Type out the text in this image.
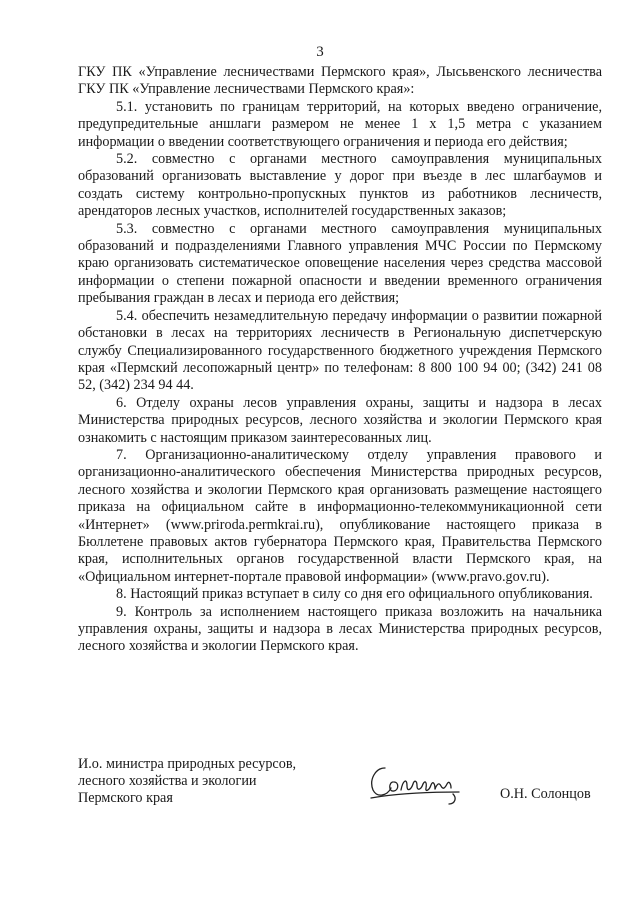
3

ГКУ ПК «Управление лесничествами Пермского края», Лысьвенского лесничества ГКУ ПК «Управление лесничествами Пермского края»:

5.1. установить по границам территорий, на которых введено ограничение, предупредительные аншлаги размером не менее 1 х 1,5 метра с указанием информации о введении соответствующего ограничения и периода его действия;

5.2. совместно с органами местного самоуправления муниципальных образований организовать выставление у дорог при въезде в лес шлагбаумов и создать систему контрольно-пропускных пунктов из работников лесничеств, арендаторов лесных участков, исполнителей государственных заказов;

5.3. совместно с органами местного самоуправления муниципальных образований и подразделениями Главного управления МЧС России по Пермскому краю организовать систематическое оповещение населения через средства массовой информации о степени пожарной опасности и введении временного ограничения пребывания граждан в лесах и периода его действия;

5.4. обеспечить незамедлительную передачу информации о развитии пожарной обстановки в лесах на территориях лесничеств в Региональную диспетчерскую службу Специализированного государственного бюджетного учреждения Пермского края «Пермский лесопожарный центр» по телефонам: 8 800 100 94 00; (342) 241 08 52, (342) 234 94 44.

6. Отделу охраны лесов управления охраны, защиты и надзора в лесах Министерства природных ресурсов, лесного хозяйства и экологии Пермского края ознакомить с настоящим приказом заинтересованных лиц.

7. Организационно-аналитическому отделу управления правового и организационно-аналитического обеспечения Министерства природных ресурсов, лесного хозяйства и экологии Пермского края организовать размещение настоящего приказа на официальном сайте в информационно-телекоммуникационной сети «Интернет» (www.priroda.permkrai.ru), опубликование настоящего приказа в Бюллетене правовых актов губернатора Пермского края, Правительства Пермского края, исполнительных органов государственной власти Пермского края, на «Официальном интернет-портале правовой информации» (www.pravo.gov.ru).

8. Настоящий приказ вступает в силу со дня его официального опубликования.

9. Контроль за исполнением настоящего приказа возложить на начальника управления охраны, защиты и надзора в лесах Министерства природных ресурсов, лесного хозяйства и экологии Пермского края.

И.о. министра природных ресурсов,
лесного хозяйства и экологии
Пермского края	О.Н. Солонцов
